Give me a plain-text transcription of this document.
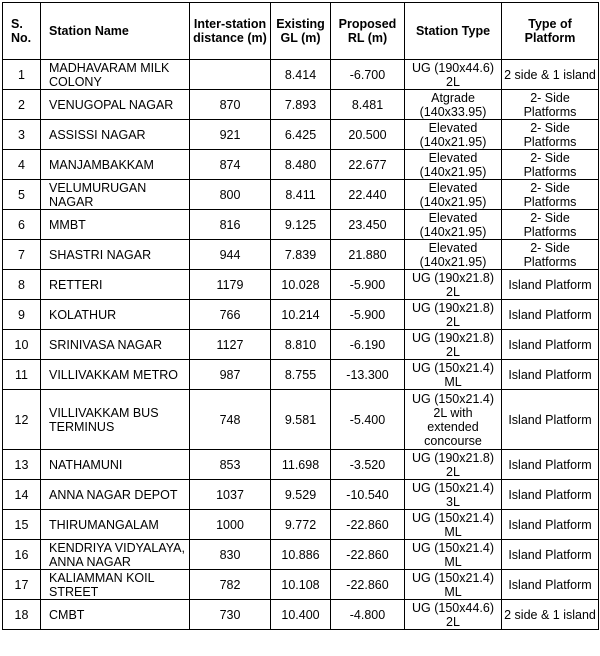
S. No.	Station Name	Inter-station distance (m)	Existing GL (m)	Proposed RL (m)	Station Type	Type of Platform
1	MADHAVARAM MILK COLONY		8.414	-6.700	UG (190x44.6) 2L	2 side & 1 island
2	VENUGOPAL NAGAR	870	7.893	8.481	Atgrade (140x33.95)	2- Side Platforms
3	ASSISSI NAGAR	921	6.425	20.500	Elevated (140x21.95)	2- Side Platforms
4	MANJAMBAKKAM	874	8.480	22.677	Elevated (140x21.95)	2- Side Platforms
5	VELUMURUGAN NAGAR	800	8.411	22.440	Elevated (140x21.95)	2- Side Platforms
6	MMBT	816	9.125	23.450	Elevated (140x21.95)	2- Side Platforms
7	SHASTRI NAGAR	944	7.839	21.880	Elevated (140x21.95)	2- Side Platforms
8	RETTERI	1179	10.028	-5.900	UG (190x21.8) 2L	Island Platform
9	KOLATHUR	766	10.214	-5.900	UG (190x21.8) 2L	Island Platform
10	SRINIVASA NAGAR	1127	8.810	-6.190	UG (190x21.8) 2L	Island Platform
11	VILLIVAKKAM METRO	987	8.755	-13.300	UG (150x21.4) ML	Island Platform
12	VILLIVAKKAM BUS TERMINUS	748	9.581	-5.400	UG (150x21.4) 2L with extended concourse	Island Platform
13	NATHAMUNI	853	11.698	-3.520	UG (190x21.8) 2L	Island Platform
14	ANNA NAGAR DEPOT	1037	9.529	-10.540	UG (150x21.4) 3L	Island Platform
15	THIRUMANGALAM	1000	9.772	-22.860	UG (150x21.4) ML	Island Platform
16	KENDRIYA VIDYALAYA, ANNA NAGAR	830	10.886	-22.860	UG (150x21.4) ML	Island Platform
17	KALIAMMAN KOIL STREET	782	10.108	-22.860	UG (150x21.4) ML	Island Platform
18	CMBT	730	10.400	-4.800	UG (150x44.6) 2L	2 side & 1 island
